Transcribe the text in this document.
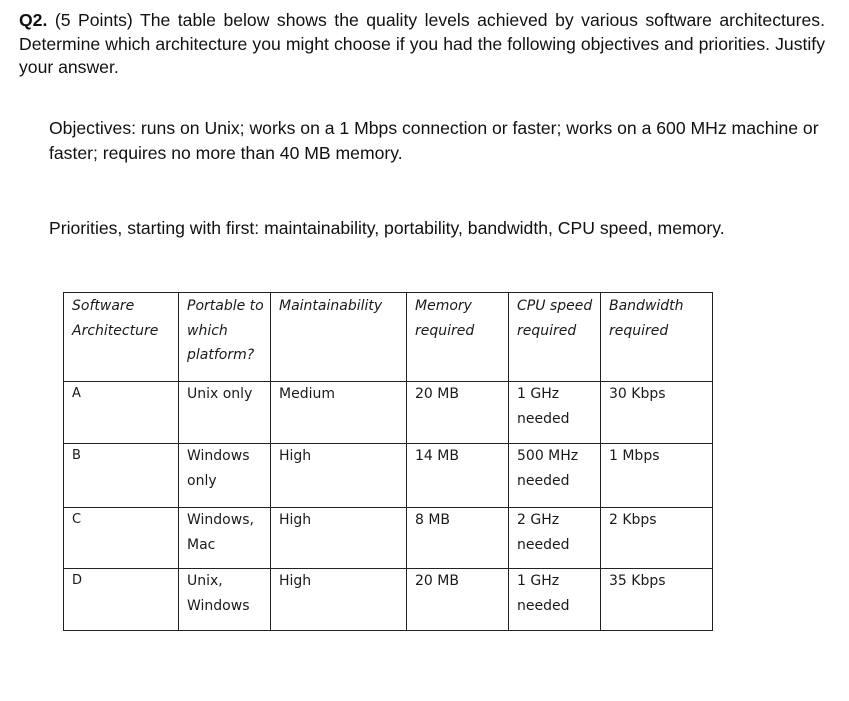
Q2. (5 Points) The table below shows the quality levels achieved by various software architectures. Determine which architecture you might choose if you had the following objectives and priorities. Justify your answer.
Objectives: runs on Unix; works on a 1 Mbps connection or faster; works on a 600 MHz machine or faster; requires no more than 40 MB memory.
Priorities, starting with first: maintainability, portability, bandwidth, CPU speed, memory.
Software Architecture	Portable to which platform?	Maintainability	Memory required	CPU speed required	Bandwidth required
A	Unix only	Medium	20 MB	1 GHz needed	30 Kbps
B	Windows only	High	14 MB	500 MHz needed	1 Mbps
C	Windows, Mac	High	8 MB	2 GHz needed	2 Kbps
D	Unix, Windows	High	20 MB	1 GHz needed	35 Kbps
